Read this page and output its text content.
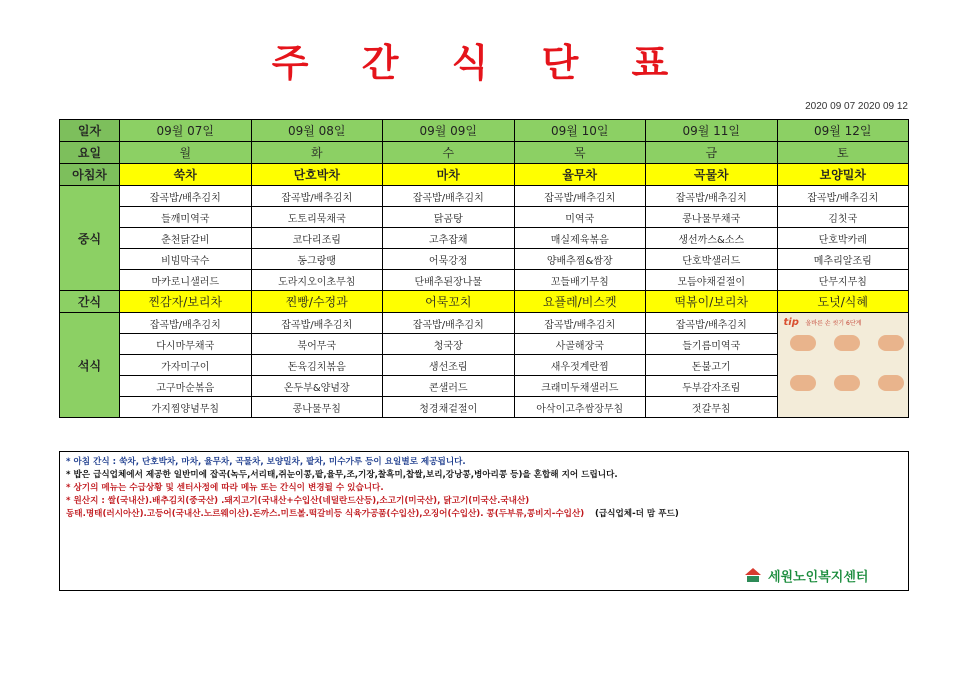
주 간 식 단 표
2020 09 07 2020 09 12
일자	09월 07일	09월 08일	09월 09일	09월 10일	09월 11일	09월 12일
요일	월	화	수	목	금	토
아침차	쑥차	단호박차	마차	율무차	곡물차	보양밀차
중식	잡곡밥/배추김치	잡곡밥/배추김치	잡곡밥/배추김치	잡곡밥/배추김치	잡곡밥/배추김치	잡곡밥/배추김치
	들깨미역국	도토리묵채국	닭곰탕	미역국	콩나물무채국	김칫국
	춘천닭갈비	코다리조림	고추잡채	매실제육볶음	생선까스&소스	단호박카레
	비빔막국수	동그랑땡	어묵강정	양배추찜&쌈장	단호박샐러드	메추리알조림
	마카로니샐러드	도라지오이초무침	단배추된장나물	꼬들배기무침	모듬야채겉절이	단무지무침
간식	찐감자/보리차	찐빵/수정과	어묵꼬치	요플레/비스켓	떡볶이/보리차	도넛/식혜
석식	잡곡밥/배추김치	잡곡밥/배추김치	잡곡밥/배추김치	잡곡밥/배추김치	잡곡밥/배추김치	tip 올바른 손 씻기 6단계

	다시마무채국	북어무국	청국장	사골해장국	들기름미역국	
	가자미구이	돈육김치볶음	생선조림	새우젓계란찜	돈불고기	
	고구마순볶음	온두부&양념장	콘샐러드	크래미두채샐러드	두부감자조림	
	가지찜양념무침	콩나물무침	청경채겉절이	아삭이고추쌈장무침	젓갈무침	
* 아침 간식 : 쑥차, 단호박차, 마차, 율무차, 곡물차, 보양밀차, 팥차, 미수가루 등이 요일별로 제공됩니다.
* 밥은 급식업체에서 제공한 일반미에 잡곡(녹두,서리태,쥐눈이콩,팥,율무,조,기장,찰흑미,찹쌀,보리,강낭콩,병아리콩 등)을 혼합해 지어 드립니다.
* 상기의 메뉴는 수급상황 및 센터사정에 따라 메뉴 또는 간식이 변경될 수 있습니다.
* 원산지 : 쌀(국내산).배추김치(중국산) .돼지고기(국내산+수입산(네덜란드산등),소고기(미국산), 닭고기(미국산.국내산)
동태.명태(러시아산).고등어(국내산.노르웨이산).돈까스.미트볼.떡갈비등 식육가공품(수입산),오징어(수입산). 콩(두부류,콩비지-수입산) (급식업체-더 맘 푸드)
세원노인복지센터
